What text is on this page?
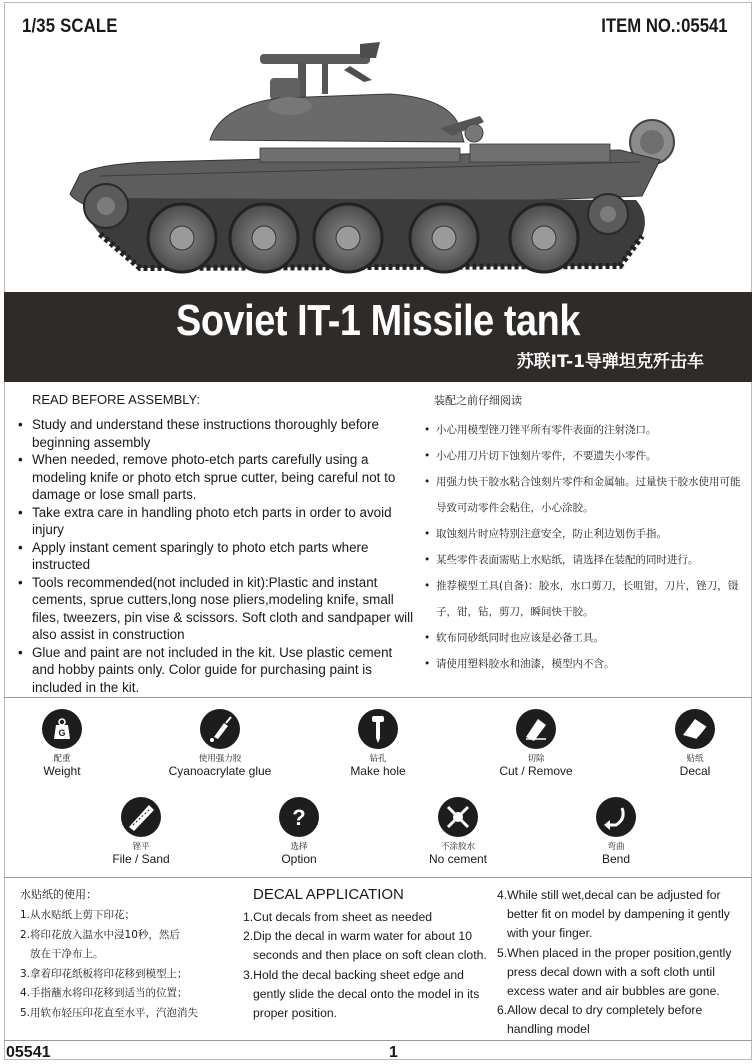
1/35 SCALE	ITEM NO.:05541
Soviet IT-1 Missile tank
苏联IT-1导弹坦克歼击车
READ BEFORE ASSEMBLY:
• Study and understand these instructions thoroughly before beginning assembly
• When needed, remove photo-etch parts carefully using a modeling knife or photo etch sprue cutter, being careful not to damage or lose small parts.
• Take extra care in handling photo etch parts in order to avoid injury
• Apply instant cement sparingly to photo etch parts where instructed
• Tools recommended(not included in kit):Plastic and instant cements, sprue cutters,long nose pliers,modeling knife, small files, tweezers, pin vise & scissors. Soft cloth and sandpaper will also assist in construction
• Glue and paint are not included in the kit. Use plastic cement and hobby paints only. Color guide for purchasing paint is included in the kit.
装配之前仔细阅读
• 小心用模型锉刀锉平所有零件表面的注射浇口。
• 小心用刀片切下蚀刻片零件，不要遗失小零件。
• 用强力快干胶水粘合蚀刻片零件和金属轴。过量快干胶水使用可能导致可动零件会粘住，小心涂胶。
• 取蚀刻片时应特别注意安全，防止利边划伤手指。
• 某些零件表面需贴上水贴纸，请选择在装配的同时进行。
• 推荐模型工具(自备)：胶水，水口剪刀，长咀钳，刀片，锉刀，镊子，钳，钻，剪刀，瞬间快干胶。
• 软布同砂纸同时也应该是必备工具。
• 请使用塑料胶水和油漆，模型内不含。
G
配重
Weight
使用强力胶
Cyanoacrylate glue
钻孔
Make hole
切除
Cut / Remove
贴纸
Decal
锉平
File / Sand
?
选择
Option
不涂胶水
No cement
弯曲
Bend
水贴纸的使用：
1.从水贴纸上剪下印花；
2.将印花放入温水中浸10秒，然后
放在干净布上。
3.拿着印花纸板将印花移到模型上；
4.手指蘸水将印花移到适当的位置；
5.用软布轻压印花直至水平，汽泡消失
DECAL APPLICATION
1.Cut decals from sheet as needed
2.Dip the decal in warm water for about 10
seconds and then place on soft clean cloth.
3.Hold the decal backing sheet edge and
gently slide the decal onto the model in its
proper position.
4.While still wet,decal can be adjusted for
better fit on model by dampening it gently
with your finger.
5.When placed in the proper position,gently
press decal down with a soft cloth until
excess water and air bubbles are gone.
6.Allow decal to dry completely before
handling model
05541	1
